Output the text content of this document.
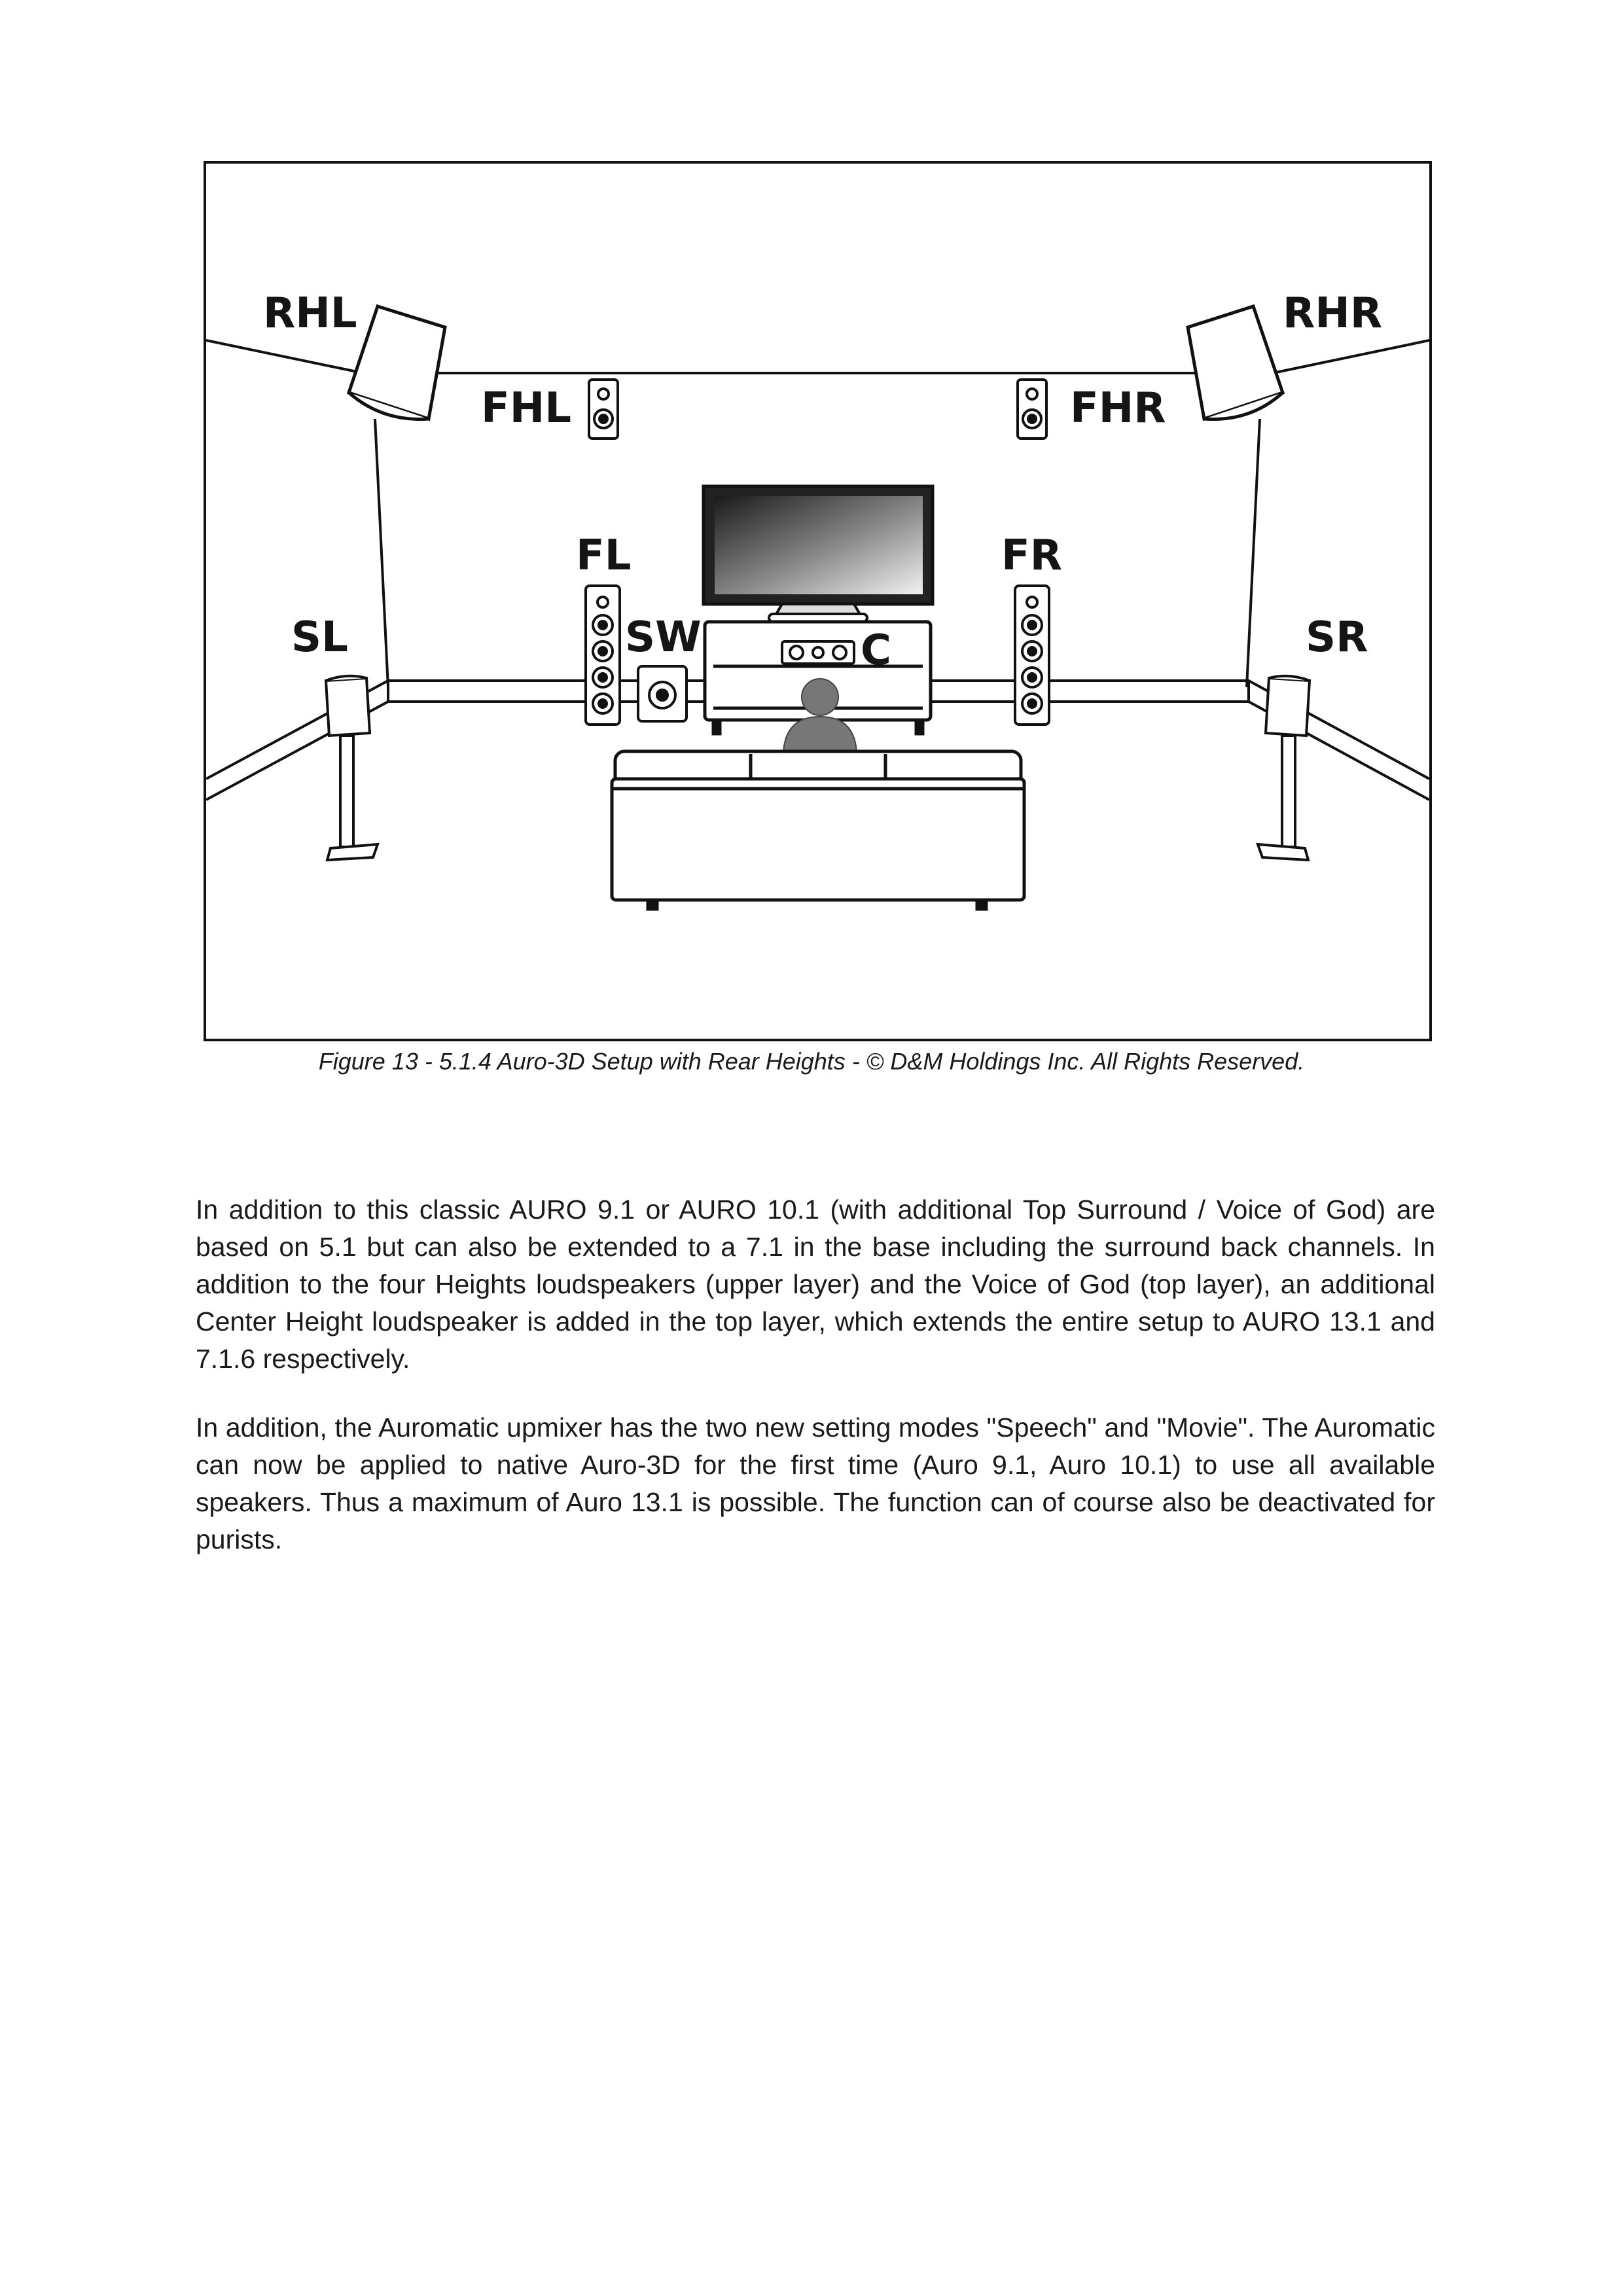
RHL	RHR
FHL	FHR
FL	FR
SL	SR
SW	C
Figure 13 - 5.1.4 Auro-3D Setup with Rear Heights - © D&M Holdings Inc. All Rights Reserved.

In addition to this classic AURO 9.1 or AURO 10.1 (with additional Top Surround / Voice of God) are based on 5.1 but can also be extended to a 7.1 in the base including the surround back channels. In addition to the four Heights loudspeakers (upper layer) and the Voice of God (top layer), an additional Center Height loudspeaker is added in the top layer, which extends the entire setup to AURO 13.1 and 7.1.6 respectively.

In addition, the Auromatic upmixer has the two new setting modes "Speech" and "Movie". The Auromatic can now be applied to native Auro-3D for the first time (Auro 9.1, Auro 10.1) to use all available speakers. Thus a maximum of Auro 13.1 is possible. The function can of course also be deactivated for purists.
